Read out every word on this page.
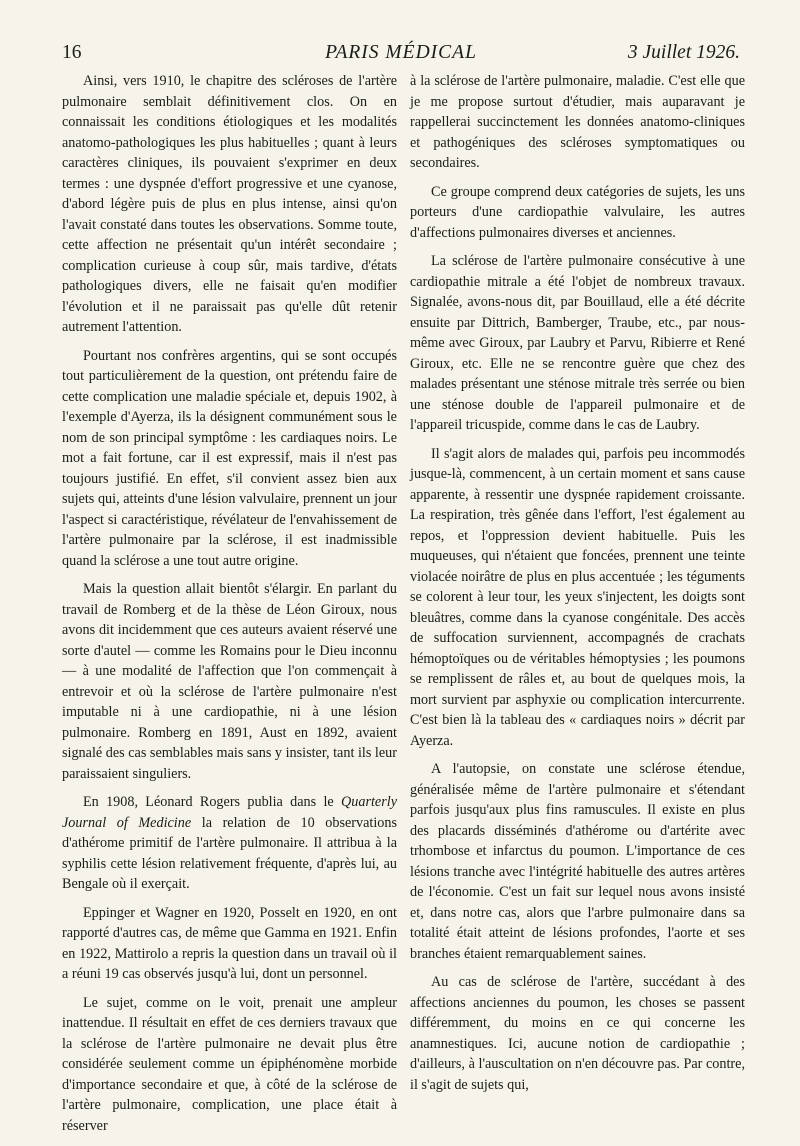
16	PARIS MÉDICAL	3 Juillet 1926.

Ainsi, vers 1910, le chapitre des scléroses de l'artère pulmonaire semblait définitivement clos. On en connaissait les conditions étiologiques et les modalités anatomo-pathologiques les plus habituelles ; quant à leurs caractères cliniques, ils pouvaient s'exprimer en deux termes : une dyspnée d'effort progressive et une cyanose, d'abord légère puis de plus en plus intense, ainsi qu'on l'avait constaté dans toutes les observations. Somme toute, cette affection ne présentait qu'un intérêt secondaire ; complication curieuse à coup sûr, mais tardive, d'états pathologiques divers, elle ne faisait qu'en modifier l'évolution et il ne paraissait pas qu'elle dût retenir autrement l'attention.

Pourtant nos confrères argentins, qui se sont occupés tout particulièrement de la question, ont prétendu faire de cette complication une maladie spéciale et, depuis 1902, à l'exemple d'Ayerza, ils la désignent communément sous le nom de son principal symptôme : les cardiaques noirs. Le mot a fait fortune, car il est expressif, mais il n'est pas toujours justifié. En effet, s'il convient assez bien aux sujets qui, atteints d'une lésion valvulaire, prennent un jour l'aspect si caractéristique, révélateur de l'envahissement de l'artère pulmonaire par la sclérose, il est inadmissible quand la sclérose a une tout autre origine.

Mais la question allait bientôt s'élargir. En parlant du travail de Romberg et de la thèse de Léon Giroux, nous avons dit incidemment que ces auteurs avaient réservé une sorte d'autel — comme les Romains pour le Dieu inconnu — à une modalité de l'affection que l'on commençait à entrevoir et où la sclérose de l'artère pulmonaire n'est imputable ni à une cardiopathie, ni à une lésion pulmonaire. Romberg en 1891, Aust en 1892, avaient signalé des cas semblables mais sans y insister, tant ils leur paraissaient singuliers.

En 1908, Léonard Rogers publia dans le Quarterly Journal of Medicine la relation de 10 observations d'athérome primitif de l'artère pulmonaire. Il attribua à la syphilis cette lésion relativement fréquente, d'après lui, au Bengale où il exerçait.

Eppinger et Wagner en 1920, Posselt en 1920, en ont rapporté d'autres cas, de même que Gamma en 1921. Enfin en 1922, Mattirolo a repris la question dans un travail où il a réuni 19 cas observés jusqu'à lui, dont un personnel.

Le sujet, comme on le voit, prenait une ampleur inattendue. Il résultait en effet de ces derniers travaux que la sclérose de l'artère pulmonaire ne devait plus être considérée seulement comme un épiphénomène morbide d'importance secondaire et que, à côté de la sclérose de l'artère pulmonaire, complication, une place était à réserver

à la sclérose de l'artère pulmonaire, maladie. C'est elle que je me propose surtout d'étudier, mais auparavant je rappellerai succinctement les données anatomo-cliniques et pathogéniques des scléroses symptomatiques ou secondaires.

Ce groupe comprend deux catégories de sujets, les uns porteurs d'une cardiopathie valvulaire, les autres d'affections pulmonaires diverses et anciennes.

La sclérose de l'artère pulmonaire consécutive à une cardiopathie mitrale a été l'objet de nombreux travaux. Signalée, avons-nous dit, par Bouillaud, elle a été décrite ensuite par Dittrich, Bamberger, Traube, etc., par nous-même avec Giroux, par Laubry et Parvu, Ribierre et René Giroux, etc. Elle ne se rencontre guère que chez des malades présentant une sténose mitrale très serrée ou bien une sténose double de l'appareil pulmonaire et de l'appareil tricuspide, comme dans le cas de Laubry.

Il s'agit alors de malades qui, parfois peu incommodés jusque-là, commencent, à un certain moment et sans cause apparente, à ressentir une dyspnée rapidement croissante. La respiration, très gênée dans l'effort, l'est également au repos, et l'oppression devient habituelle. Puis les muqueuses, qui n'étaient que foncées, prennent une teinte violacée noirâtre de plus en plus accentuée ; les téguments se colorent à leur tour, les yeux s'injectent, les doigts sont bleuâtres, comme dans la cyanose congénitale. Des accès de suffocation surviennent, accompagnés de crachats hémoptoïques ou de véritables hémoptysies ; les poumons se remplissent de râles et, au bout de quelques mois, la mort survient par asphyxie ou complication intercurrente. C'est bien là la tableau des « cardiaques noirs » décrit par Ayerza.

A l'autopsie, on constate une sclérose étendue, généralisée même de l'artère pulmonaire et s'étendant parfois jusqu'aux plus fins ramuscules. Il existe en plus des placards disséminés d'athérome ou d'artérite avec trhombose et infarctus du poumon. L'importance de ces lésions tranche avec l'intégrité habituelle des autres artères de l'économie. C'est un fait sur lequel nous avons insisté et, dans notre cas, alors que l'arbre pulmonaire dans sa totalité était atteint de lésions profondes, l'aorte et ses branches étaient remarquablement saines.

Au cas de sclérose de l'artère, succédant à des affections anciennes du poumon, les choses se passent différemment, du moins en ce qui concerne les anamnestiques. Ici, aucune notion de cardiopathie ; d'ailleurs, à l'auscultation on n'en découvre pas. Par contre, il s'agit de sujets qui,
